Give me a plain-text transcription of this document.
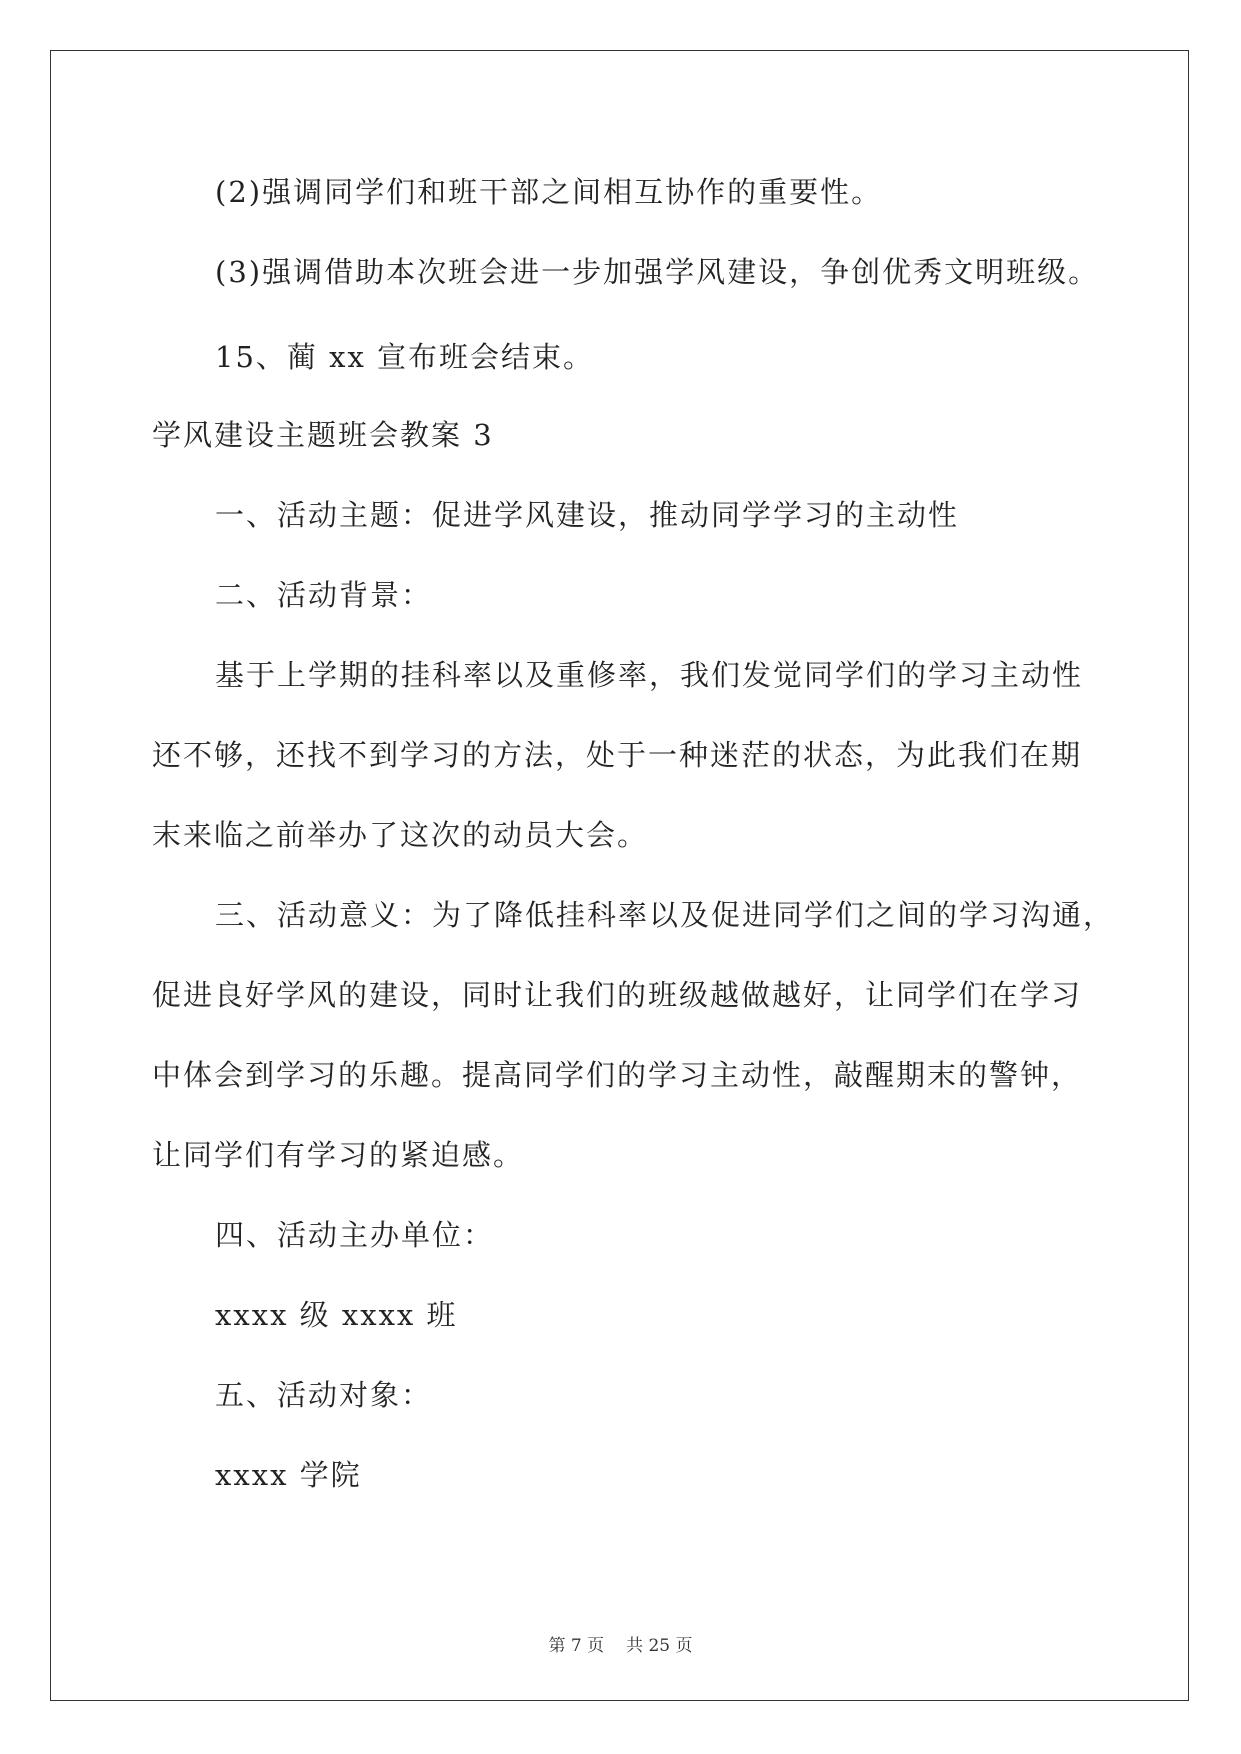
(2)强调同学们和班干部之间相互协作的重要性。
(3)强调借助本次班会进一步加强学风建设，争创优秀文明班级。
15、蔺 xx 宣布班会结束。
学风建设主题班会教案 3
一、活动主题：促进学风建设，推动同学学习的主动性
二、活动背景：
基于上学期的挂科率以及重修率，我们发觉同学们的学习主动性
还不够，还找不到学习的方法，处于一种迷茫的状态，为此我们在期
末来临之前举办了这次的动员大会。
三、活动意义：为了降低挂科率以及促进同学们之间的学习沟通，
促进良好学风的建设，同时让我们的班级越做越好，让同学们在学习
中体会到学习的乐趣。提高同学们的学习主动性，敲醒期末的警钟，
让同学们有学习的紧迫感。
四、活动主办单位：
xxxx 级 xxxx 班
五、活动对象：
xxxx 学院
第 7 页 共 25 页
